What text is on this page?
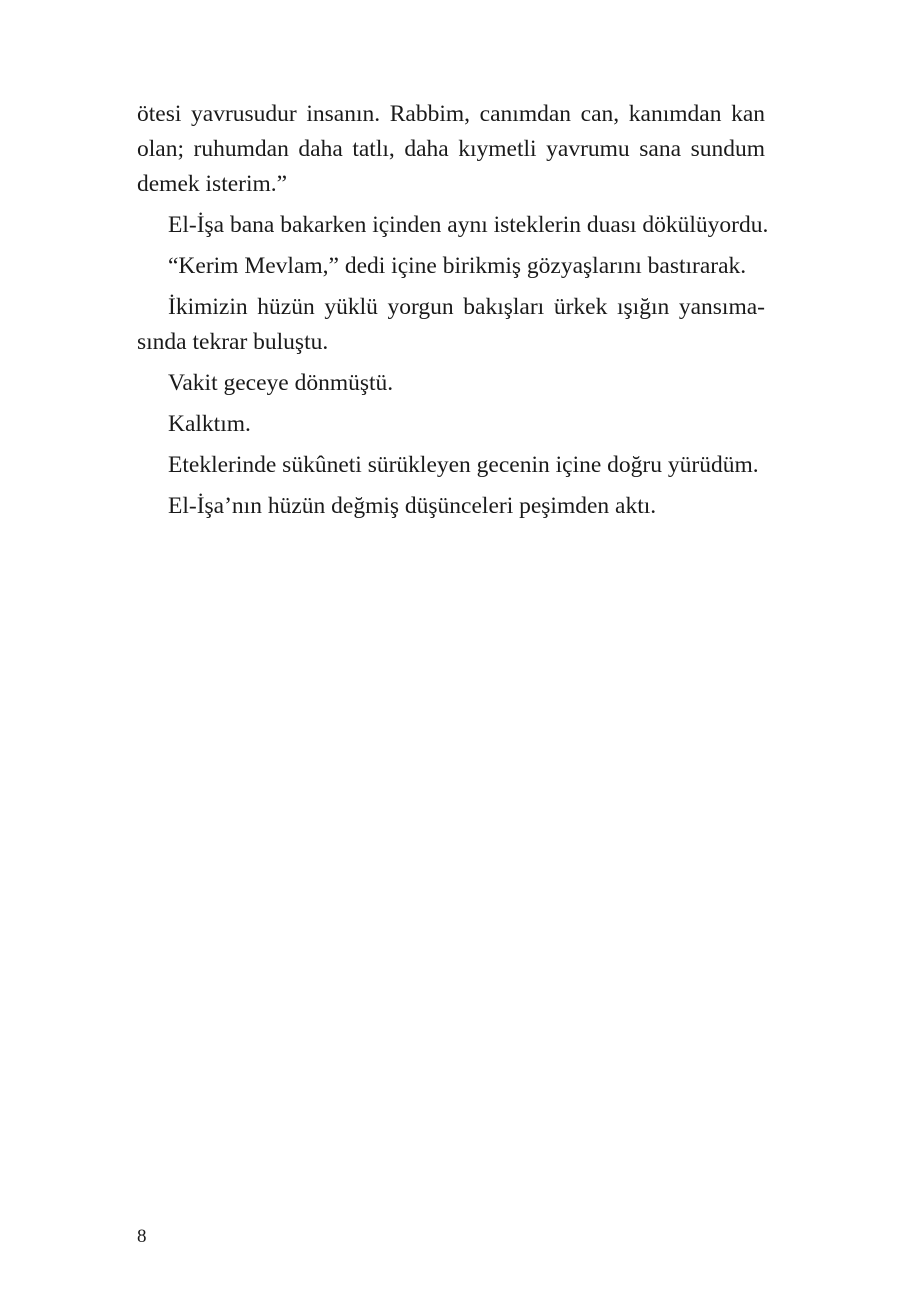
ötesi yavrusudur insanın. Rabbim, canımdan can, kanımdan kan
olan; ruhumdan daha tatlı, daha kıymetli yavrumu sana sundum
demek isterim.”

El-İşa bana bakarken içinden aynı isteklerin duası dökülüyordu.

“Kerim Mevlam,” dedi içine birikmiş gözyaşlarını bastırarak.

İkimizin hüzün yüklü yorgun bakışları ürkek ışığın yansıma-
sında tekrar buluştu.

Vakit geceye dönmüştü.

Kalktım.

Eteklerinde sükûneti sürükleyen gecenin içine doğru yürüdüm.

El-İşa’nın hüzün değmiş düşünceleri peşimden aktı.

8
